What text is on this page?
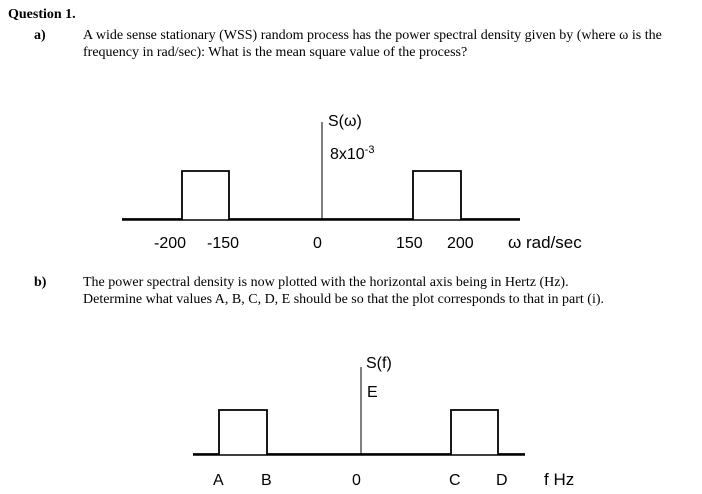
Question 1.
a)	A wide sense stationary (WSS) random process has the power spectral density given by (where ω is the
frequency in rad/sec): What is the mean square value of the process?
S(ω)
$8x10^{-3}$
-200 -150	0	150 200 ω rad/sec
S(f)
E
A B	0	C D f Hz
b)	The power spectral density is now plotted with the horizontal axis being in Hertz (Hz).
Determine what values A, B, C, D, E should be so that the plot corresponds to that in part (i).
